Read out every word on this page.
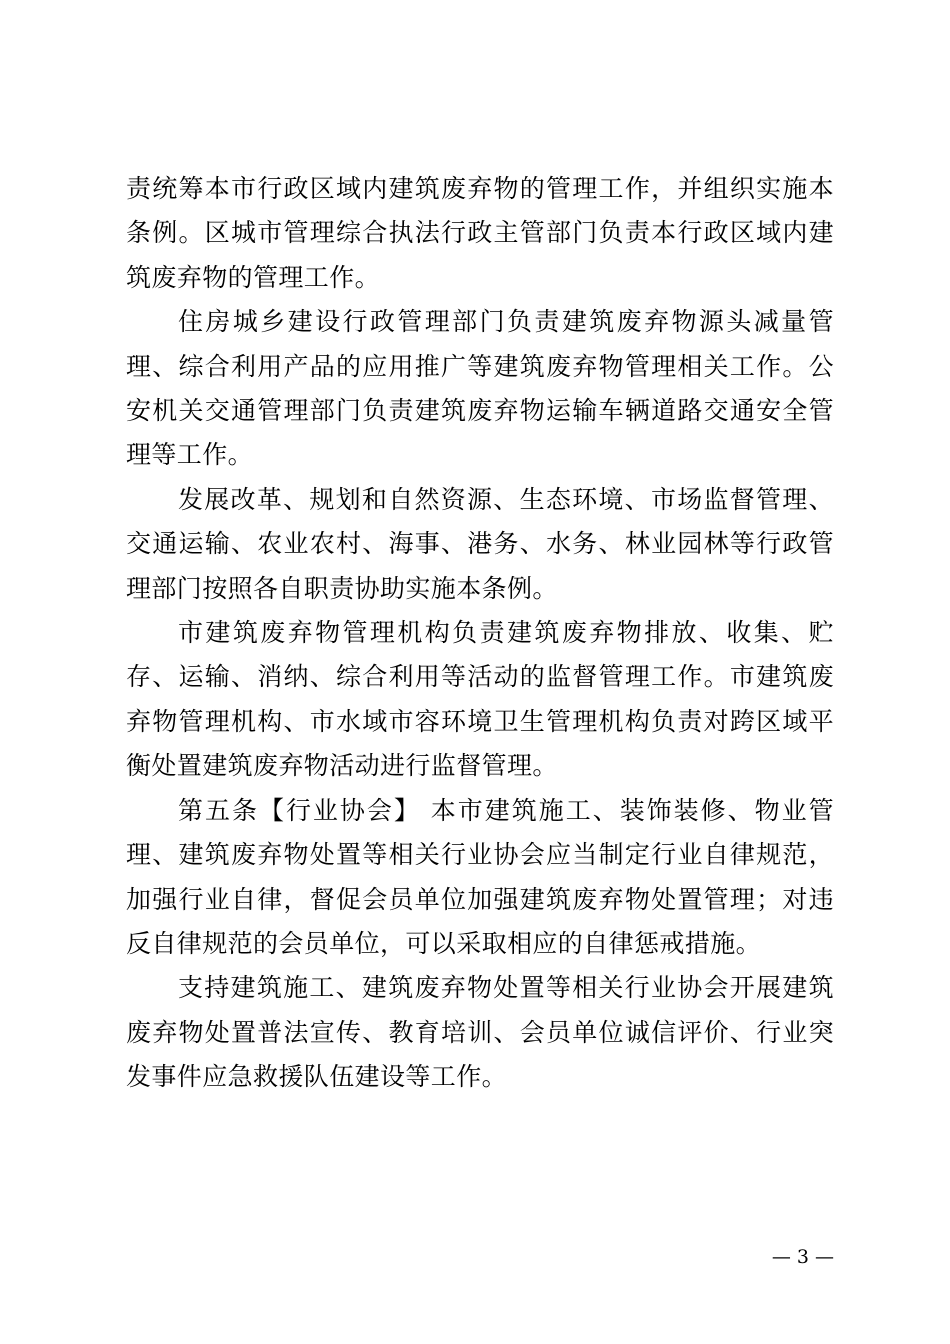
责统筹本市行政区域内建筑废弃物的管理工作，并组织实施本条例。区城市管理综合执法行政主管部门负责本行政区域内建筑废弃物的管理工作。

住房城乡建设行政管理部门负责建筑废弃物源头减量管理、综合利用产品的应用推广等建筑废弃物管理相关工作。公安机关交通管理部门负责建筑废弃物运输车辆道路交通安全管理等工作。

发展改革、规划和自然资源、生态环境、市场监督管理、交通运输、农业农村、海事、港务、水务、林业园林等行政管理部门按照各自职责协助实施本条例。

市建筑废弃物管理机构负责建筑废弃物排放、收集、贮存、运输、消纳、综合利用等活动的监督管理工作。市建筑废弃物管理机构、市水域市容环境卫生管理机构负责对跨区域平衡处置建筑废弃物活动进行监督管理。

第五条【行业协会】 本市建筑施工、装饰装修、物业管理、建筑废弃物处置等相关行业协会应当制定行业自律规范，加强行业自律，督促会员单位加强建筑废弃物处置管理；对违反自律规范的会员单位，可以采取相应的自律惩戒措施。

支持建筑施工、建筑废弃物处置等相关行业协会开展建筑废弃物处置普法宣传、教育培训、会员单位诚信评价、行业突发事件应急救援队伍建设等工作。

— 3 —
